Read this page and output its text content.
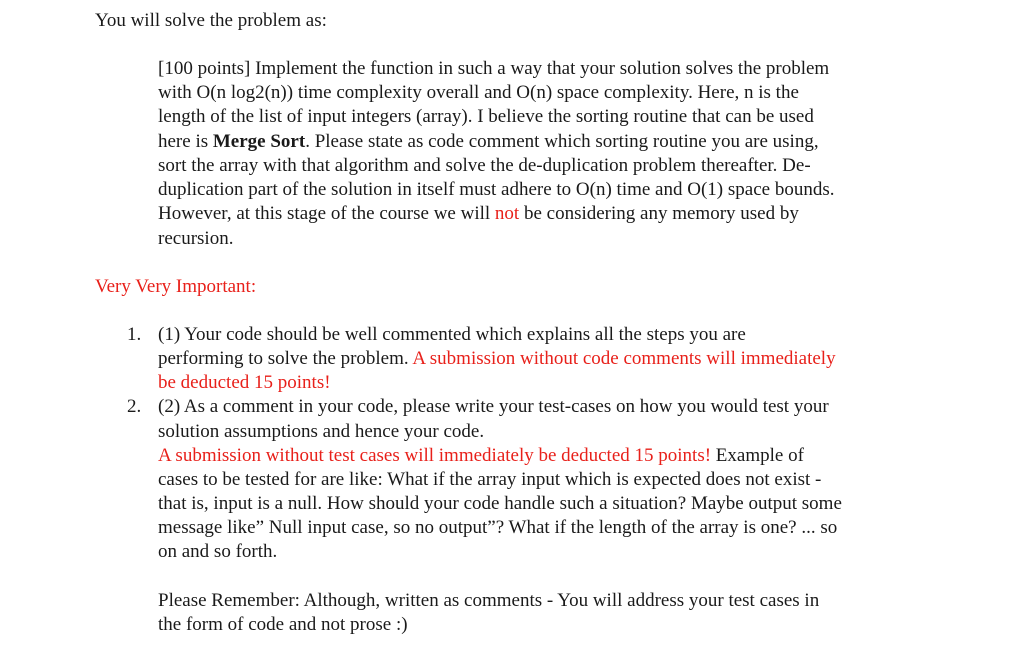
You will solve the problem as:

[100 points] Implement the function in such a way that your solution solves the problem

with O(n log2(n)) time complexity overall and O(n) space complexity. Here, n is the

length of the list of input integers (array). I believe the sorting routine that can be used

here is Merge Sort. Please state as code comment which sorting routine you are using,

sort the array with that algorithm and solve the de-duplication problem thereafter. De-

duplication part of the solution in itself must adhere to O(n) time and O(1) space bounds.

However, at this stage of the course we will not be considering any memory used by

recursion.

Very Very Important:

1. (1) Your code should be well commented which explains all the steps you are

performing to solve the problem. A submission without code comments will immediately

be deducted 15 points!

2. (2) As a comment in your code, please write your test-cases on how you would test your

solution assumptions and hence your code.

A submission without test cases will immediately be deducted 15 points! Example of

cases to be tested for are like: What if the array input which is expected does not exist -

that is, input is a null. How should your code handle such a situation? Maybe output some

message like” Null input case, so no output”? What if the length of the array is one? ... so

on and so forth.

Please Remember: Although, written as comments - You will address your test cases in

the form of code and not prose :)
